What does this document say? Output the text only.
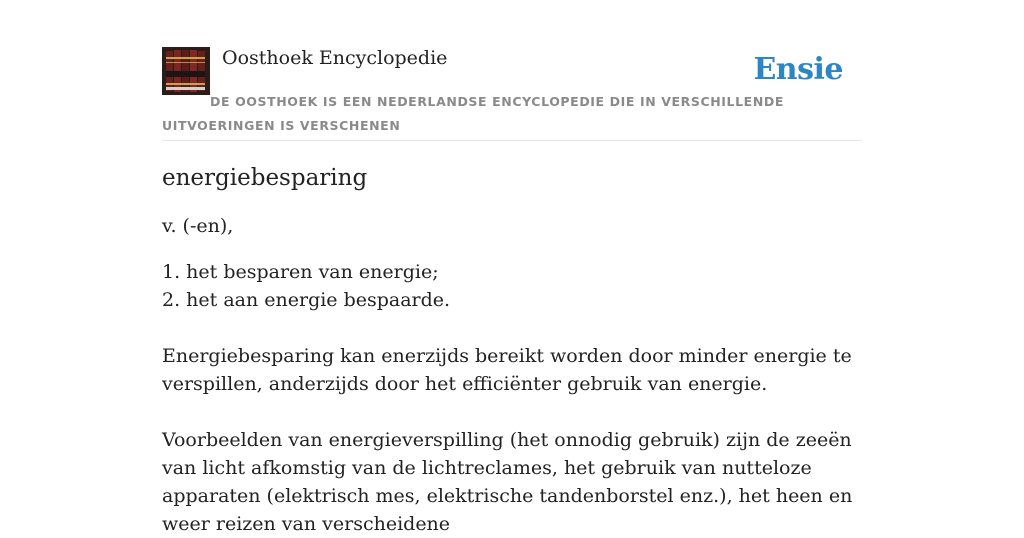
Oosthoek Encyclopedie	Ensie
DE OOSTHOEK IS EEN NEDERLANDSE ENCYCLOPEDIE DIE IN VERSCHILLENDE UITVOERINGEN IS VERSCHENEN
energiebesparing

v. (-en),

1. het besparen van energie;
2. het aan energie bespaarde.

Energiebesparing kan enerzijds bereikt worden door minder energie te verspillen, anderzijds door het efficiënter gebruik van energie.

Voorbeelden van energieverspilling (het onnodig gebruik) zijn de zeeën van licht afkomstig van de lichtreclames, het gebruik van nutteloze apparaten (elektrisch mes, elektrische tandenborstel enz.), het heen en weer reizen van verscheidene
